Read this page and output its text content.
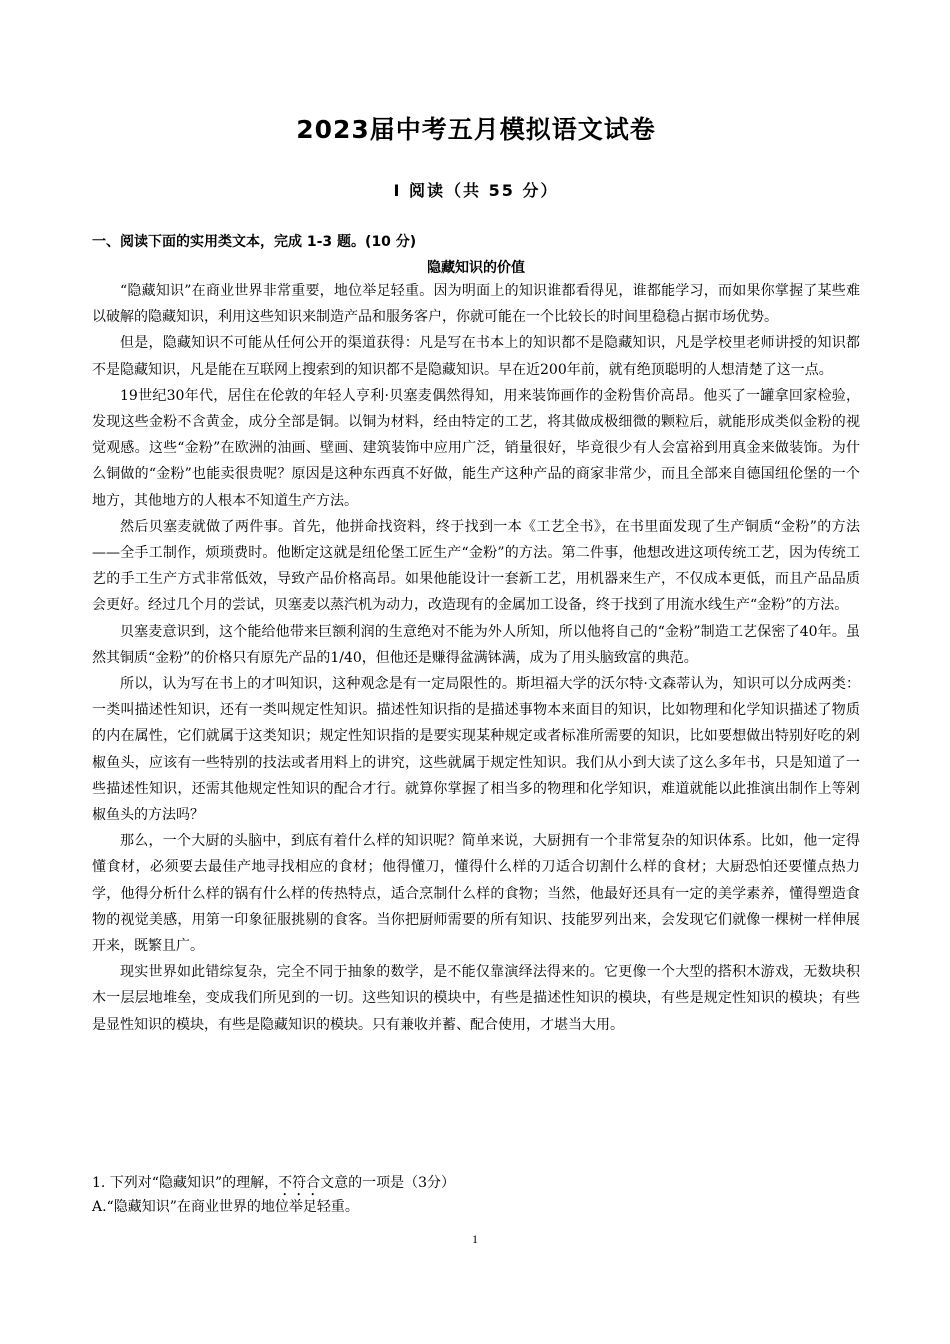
2023届中考五月模拟语文试卷
Ⅰ 阅读（共 55 分）
一、阅读下面的实用类文本，完成 1-3 题。(10 分)
隐藏知识的价值

“隐藏知识”在商业世界非常重要，地位举足轻重。因为明面上的知识谁都看得见，谁都能学习，而如果你掌握了某些难以破解的隐藏知识，利用这些知识来制造产品和服务客户，你就可能在一个比较长的时间里稳稳占据市场优势。

但是，隐藏知识不可能从任何公开的渠道获得：凡是写在书本上的知识都不是隐藏知识，凡是学校里老师讲授的知识都不是隐藏知识，凡是能在互联网上搜索到的知识都不是隐藏知识。早在近200年前，就有绝顶聪明的人想清楚了这一点。

19世纪30年代，居住在伦敦的年轻人亨利·贝塞麦偶然得知，用来装饰画作的金粉售价高昂。他买了一罐拿回家检验，发现这些金粉不含黄金，成分全部是铜。以铜为材料，经由特定的工艺，将其做成极细微的颗粒后，就能形成类似金粉的视觉观感。这些“金粉”在欧洲的油画、壁画、建筑装饰中应用广泛，销量很好，毕竟很少有人会富裕到用真金来做装饰。为什么铜做的“金粉”也能卖很贵呢？原因是这种东西真不好做，能生产这种产品的商家非常少，而且全部来自德国纽伦堡的一个地方，其他地方的人根本不知道生产方法。

然后贝塞麦就做了两件事。首先，他拼命找资料，终于找到一本《工艺全书》，在书里面发现了生产铜质“金粉”的方法——全手工制作，烦琐费时。他断定这就是纽伦堡工匠生产“金粉”的方法。第二件事，他想改进这项传统工艺，因为传统工艺的手工生产方式非常低效，导致产品价格高昂。如果他能设计一套新工艺，用机器来生产，不仅成本更低，而且产品品质会更好。经过几个月的尝试，贝塞麦以蒸汽机为动力，改造现有的金属加工设备，终于找到了用流水线生产“金粉”的方法。

贝塞麦意识到，这个能给他带来巨额利润的生意绝对不能为外人所知，所以他将自己的“金粉”制造工艺保密了40年。虽然其铜质“金粉”的价格只有原先产品的1/40，但他还是赚得盆满钵满，成为了用头脑致富的典范。

所以，认为写在书上的才叫知识，这种观念是有一定局限性的。斯坦福大学的沃尔特·文森蒂认为，知识可以分成两类：一类叫描述性知识，还有一类叫规定性知识。描述性知识指的是描述事物本来面目的知识，比如物理和化学知识描述了物质的内在属性，它们就属于这类知识；规定性知识指的是要实现某种规定或者标准所需要的知识，比如要想做出特别好吃的剁椒鱼头，应该有一些特别的技法或者用料上的讲究，这些就属于规定性知识。我们从小到大读了这么多年书，只是知道了一些描述性知识，还需其他规定性知识的配合才行。就算你掌握了相当多的物理和化学知识，难道就能以此推演出制作上等剁椒鱼头的方法吗？

那么，一个大厨的头脑中，到底有着什么样的知识呢？简单来说，大厨拥有一个非常复杂的知识体系。比如，他一定得懂食材，必须要去最佳产地寻找相应的食材；他得懂刀，懂得什么样的刀适合切割什么样的食材；大厨恐怕还要懂点热力学，他得分析什么样的锅有什么样的传热特点，适合烹制什么样的食物；当然，他最好还具有一定的美学素养，懂得塑造食物的视觉美感，用第一印象征服挑剔的食客。当你把厨师需要的所有知识、技能罗列出来，会发现它们就像一棵树一样伸展开来，既繁且广。

现实世界如此错综复杂，完全不同于抽象的数学，是不能仅靠演绎法得来的。它更像一个大型的搭积木游戏，无数块积木一层层地堆垒，变成我们所见到的一切。这些知识的模块中，有些是描述性知识的模块，有些是规定性知识的模块；有些是显性知识的模块，有些是隐藏知识的模块。只有兼收并蓄、配合使用，才堪当大用。

1. 下列对“隐藏知识”的理解，不符合文意的一项是（3分）
A.“隐藏知识”在商业世界的地位举足轻重。
1
